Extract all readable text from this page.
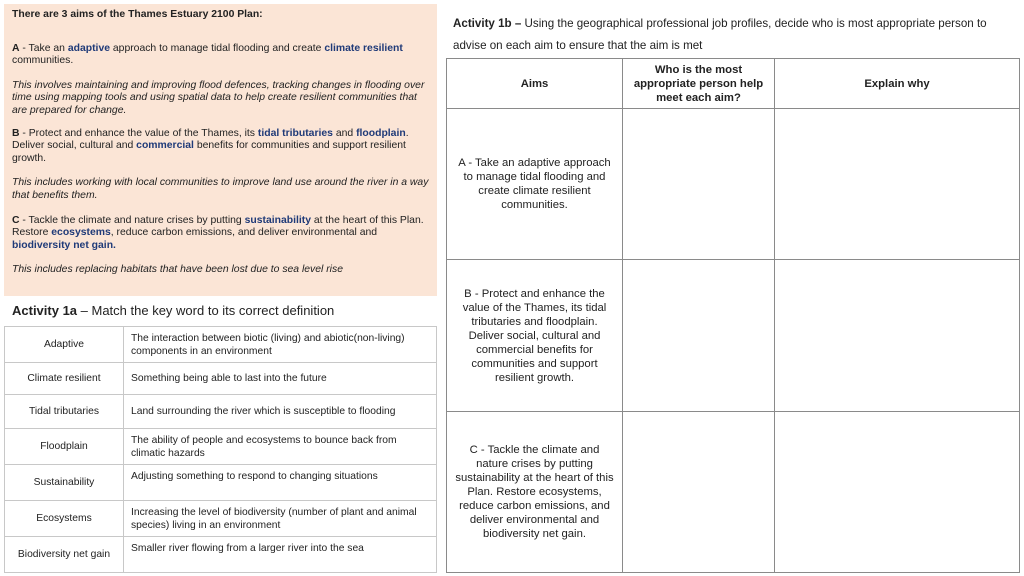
There are 3 aims of the Thames Estuary 2100 Plan:

A - Take an adaptive approach to manage tidal flooding and create climate resilient communities.

This involves maintaining and improving flood defences, tracking changes in flooding over time using mapping tools and using spatial data to help create resilient communities that are prepared for change.

B - Protect and enhance the value of the Thames, its tidal tributaries and floodplain. Deliver social, cultural and commercial benefits for communities and support resilient growth.

This includes working with local communities to improve land use around the river in a way that benefits them.

C - Tackle the climate and nature crises by putting sustainability at the heart of this Plan. Restore ecosystems, reduce carbon emissions, and deliver environmental and biodiversity net gain.

This includes replacing habitats that have been lost due to sea level rise

Activity 1a – Match the key word to its correct definition
Adaptive	The interaction between biotic (living) and abiotic(non-living) components in an environment
Climate resilient	Something being able to last into the future
Tidal tributaries	Land surrounding the river which is susceptible to flooding
Floodplain	The ability of people and ecosystems to bounce back from climatic hazards
Sustainability	Adjusting something to respond to changing situations
Ecosystems	Increasing the level of biodiversity (number of plant and animal species) living in an environment
Biodiversity net gain	Smaller river flowing from a larger river into the sea
Activity 1b – Using the geographical professional job profiles, decide who is most appropriate person to advise on each aim to ensure that the aim is met
Aims	Who is the most appropriate person help meet each aim?	Explain why
A - Take an adaptive approach to manage tidal flooding and create climate resilient communities.		
B - Protect and enhance the value of the Thames, its tidal tributaries and floodplain. Deliver social, cultural and commercial benefits for communities and support resilient growth.		
C - Tackle the climate and nature crises by putting sustainability at the heart of this Plan. Restore ecosystems, reduce carbon emissions, and deliver environmental and biodiversity net gain.		
